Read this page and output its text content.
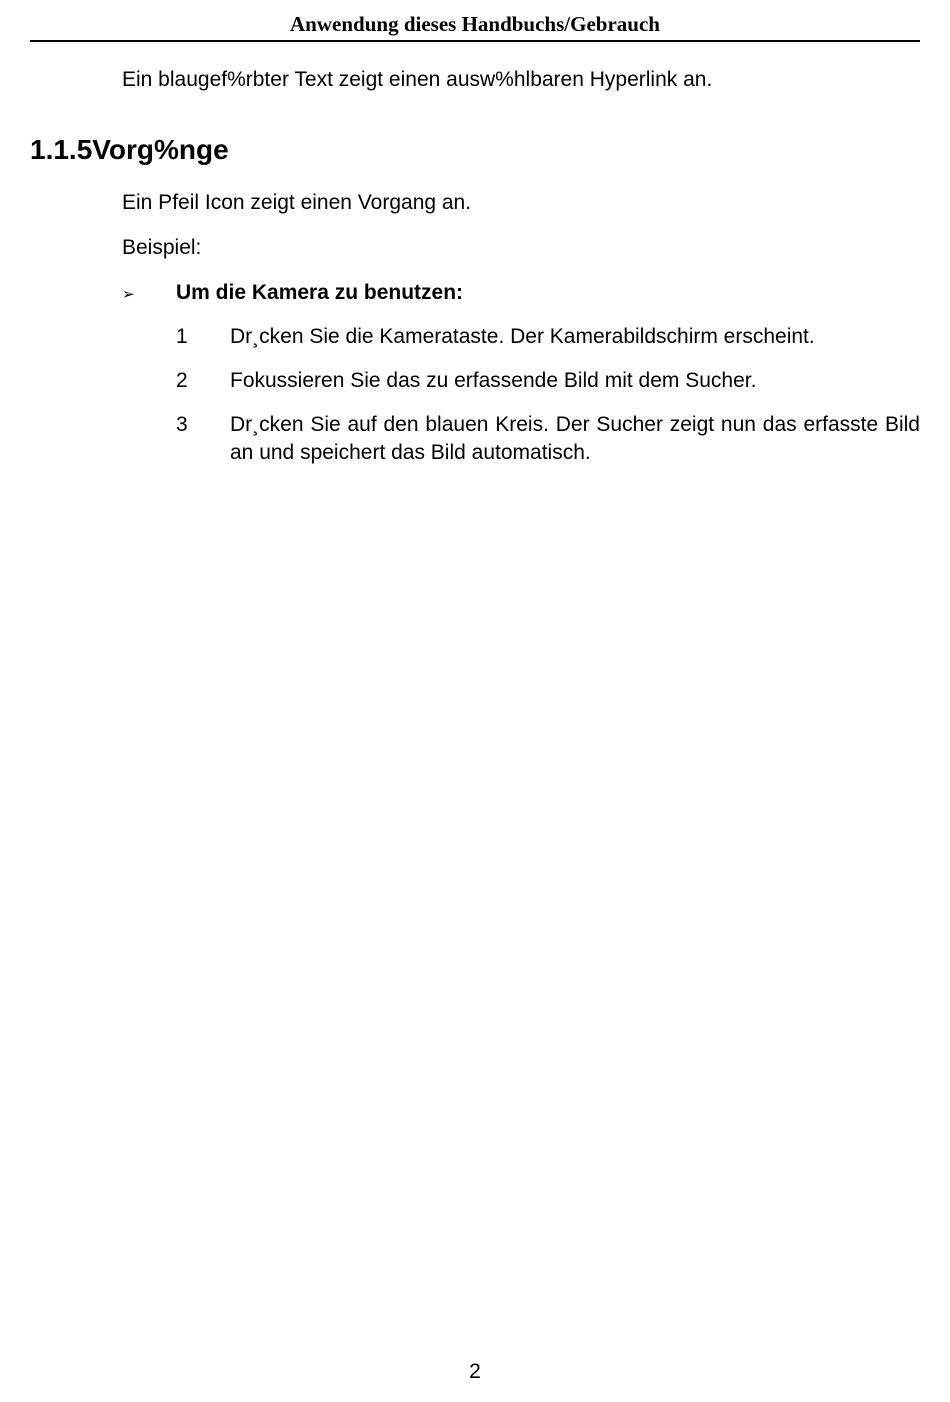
Anwendung dieses Handbuchs/Gebrauch
Ein blaugef%rbter Text zeigt einen ausw%hlbaren Hyperlink an.
1.1.5Vorg%nge
Ein Pfeil Icon zeigt einen Vorgang an.
Beispiel:
➢ Um die Kamera zu benutzen:
1 Dr¸cken Sie die Kamerataste. Der Kamerabildschirm erscheint.
2 Fokussieren Sie das zu erfassende Bild mit dem Sucher.
3 Dr¸cken Sie auf den blauen Kreis. Der Sucher zeigt nun das erfasste Bild an und speichert das Bild automatisch.
2
